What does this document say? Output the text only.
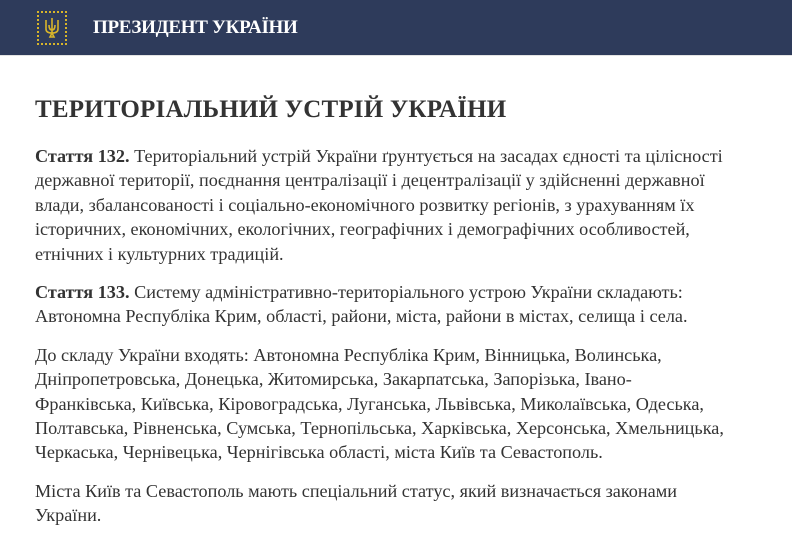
ПРЕЗИДЕНТ УКРАЇНИ
ТЕРИТОРІАЛЬНИЙ УСТРІЙ УКРАЇНИ

Стаття 132. Територіальний устрій України ґрунтується на засадах єдності та цілісності
державної території, поєднання централізації і децентралізації у здійсненні державної
влади, збалансованості і соціально-економічного розвитку регіонів, з урахуванням їх
історичних, економічних, екологічних, географічних і демографічних особливостей,
етнічних і культурних традицій.

Стаття 133. Систему адміністративно-територіального устрою України складають:
Автономна Республіка Крим, області, райони, міста, райони в містах, селища і села.

До складу України входять: Автономна Республіка Крим, Вінницька, Волинська,
Дніпропетровська, Донецька, Житомирська, Закарпатська, Запорізька, Івано-
Франківська, Київська, Кіровоградська, Луганська, Львівська, Миколаївська, Одеська,
Полтавська, Рівненська, Сумська, Тернопільська, Харківська, Херсонська, Хмельницька,
Черкаська, Чернівецька, Чернігівська області, міста Київ та Севастополь.

Міста Київ та Севастополь мають спеціальний статус, який визначається законами
України.
